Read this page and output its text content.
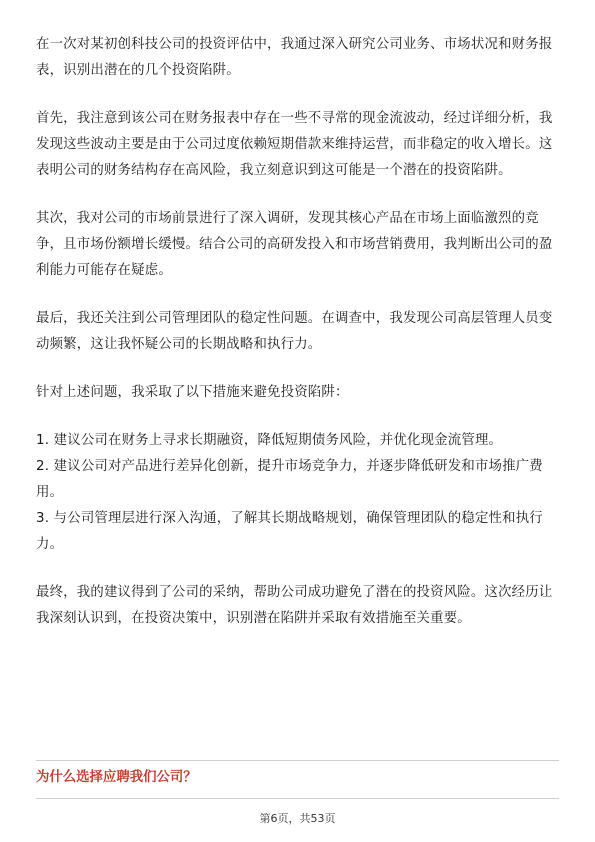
在一次对某初创科技公司的投资评估中，我通过深入研究公司业务、市场状况和财务报表，识别出潜在的几个投资陷阱。

首先，我注意到该公司在财务报表中存在一些不寻常的现金流波动，经过详细分析，我发现这些波动主要是由于公司过度依赖短期借款来维持运营，而非稳定的收入增长。这表明公司的财务结构存在高风险，我立刻意识到这可能是一个潜在的投资陷阱。

其次，我对公司的市场前景进行了深入调研，发现其核心产品在市场上面临激烈的竞争，且市场份额增长缓慢。结合公司的高研发投入和市场营销费用，我判断出公司的盈利能力可能存在疑虑。

最后，我还关注到公司管理团队的稳定性问题。在调查中，我发现公司高层管理人员变动频繁，这让我怀疑公司的长期战略和执行力。

针对上述问题，我采取了以下措施来避免投资陷阱：

1. 建议公司在财务上寻求长期融资，降低短期债务风险，并优化现金流管理。

2. 建议公司对产品进行差异化创新，提升市场竞争力，并逐步降低研发和市场推广费用。

3. 与公司管理层进行深入沟通，了解其长期战略规划，确保管理团队的稳定性和执行力。

最终，我的建议得到了公司的采纳，帮助公司成功避免了潜在的投资风险。这次经历让我深刻认识到，在投资决策中，识别潜在陷阱并采取有效措施至关重要。

为什么选择应聘我们公司？

第6页，共53页
